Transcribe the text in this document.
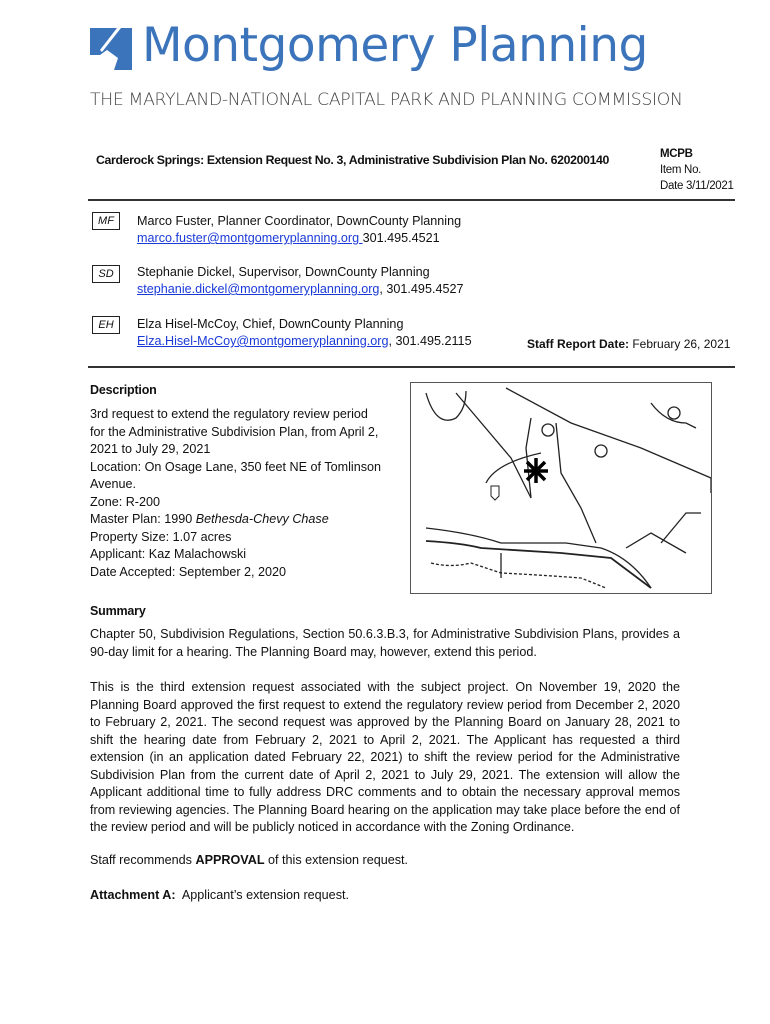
Montgomery Planning
THE MARYLAND-NATIONAL CAPITAL PARK AND PLANNING COMMISSION
Carderock Springs: Extension Request No. 3, Administrative Subdivision Plan No. 620200140	MCPB
Item No.
Date 3/11/2021
MF	Marco Fuster, Planner Coordinator, DownCounty Planning
marco.fuster@montgomeryplanning.org 301.495.4521
SD	Stephanie Dickel, Supervisor, DownCounty Planning
stephanie.dickel@montgomeryplanning.org, 301.495.4527
EH	Elza Hisel-McCoy, Chief, DownCounty Planning
Elza.Hisel-McCoy@montgomeryplanning.org, 301.495.2115	Staff Report Date: February 26, 2021
Description
3rd request to extend the regulatory review period
for the Administrative Subdivision Plan, from April 2,
2021 to July 29, 2021
Location: On Osage Lane, 350 feet NE of Tomlinson
Avenue.
Zone: R-200
Master Plan: 1990 Bethesda-Chevy Chase
Property Size: 1.07 acres
Applicant: Kaz Malachowski
Date Accepted: September 2, 2020
Summary
Chapter 50, Subdivision Regulations, Section 50.6.3.B.3, for Administrative Subdivision Plans, provides a 90-day limit for a hearing. The Planning Board may, however, extend this period.
This is the third extension request associated with the subject project. On November 19, 2020 the Planning Board approved the first request to extend the regulatory review period from December 2, 2020 to February 2, 2021. The second request was approved by the Planning Board on January 28, 2021 to shift the hearing date from February 2, 2021 to April 2, 2021. The Applicant has requested a third extension (in an application dated February 22, 2021) to shift the review period for the Administrative Subdivision Plan from the current date of April 2, 2021 to July 29, 2021. The extension will allow the Applicant additional time to fully address DRC comments and to obtain the necessary approval memos from reviewing agencies. The Planning Board hearing on the application may take place before the end of the review period and will be publicly noticed in accordance with the Zoning Ordinance.
Staff recommends APPROVAL of this extension request.
Attachment A:  Applicant’s extension request.
